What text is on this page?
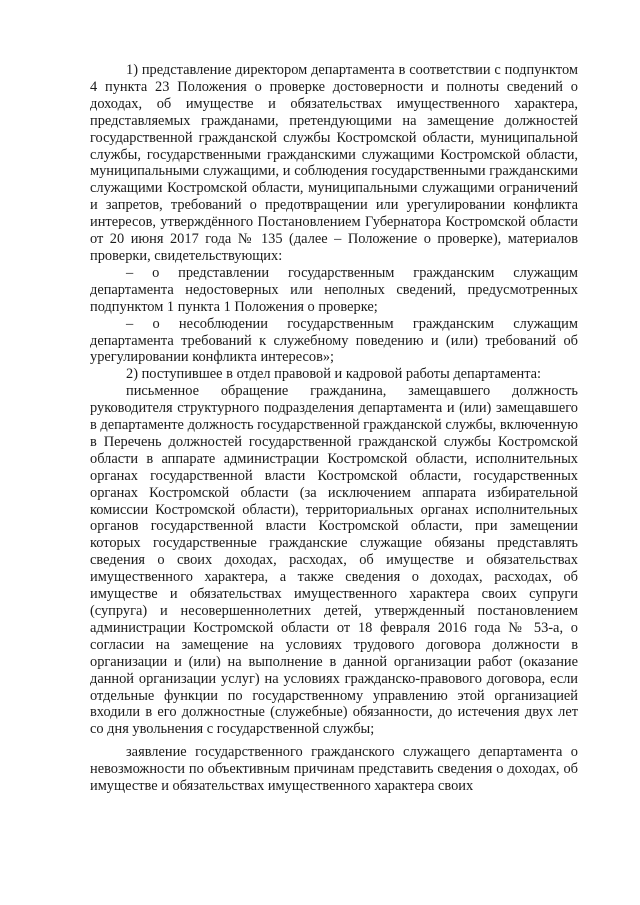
1) представление директором департамента в соответствии с подпунктом 4 пункта 23 Положения о проверке достоверности и полноты сведений о доходах, об имуществе и обязательствах имущественного характера, представляемых гражданами, претендующими на замещение должностей государственной гражданской службы Костромской области, муниципальной службы, государственными гражданскими служащими Костромской области, муниципальными служащими, и соблюдения государственными гражданскими служащими Костромской области, муниципальными служащими ограничений и запретов, требований о предотвращении или урегулировании конфликта интересов, утверждённого Постановлением Губернатора Костромской области от 20 июня 2017 года № 135 (далее – Положение о проверке), материалов проверки, свидетельствующих:

– о представлении государственным гражданским служащим департамента недостоверных или неполных сведений, предусмотренных подпунктом 1 пункта 1 Положения о проверке;

– о несоблюдении государственным гражданским служащим департамента требований к служебному поведению и (или) требований об урегулировании конфликта интересов»;

2) поступившее в отдел правовой и кадровой работы департамента:

письменное обращение гражданина, замещавшего должность руководителя структурного подразделения департамента и (или) замещавшего в департаменте должность государственной гражданской службы, включенную в Перечень должностей государственной гражданской службы Костромской области в аппарате администрации Костромской области, исполнительных органах государственной власти Костромской области, государственных органах Костромской области (за исключением аппарата избирательной комиссии Костромской области), территориальных органах исполнительных органов государственной власти Костромской области, при замещении которых государственные гражданские служащие обязаны представлять сведения о своих доходах, расходах, об имуществе и обязательствах имущественного характера, а также сведения о доходах, расходах, об имуществе и обязательствах имущественного характера своих супруги (супруга) и несовершеннолетних детей, утвержденный постановлением администрации Костромской области от 18 февраля 2016 года № 53-а, о согласии на замещение на условиях трудового договора должности в организации и (или) на выполнение в данной организации работ (оказание данной организации услуг) на условиях гражданско-правового договора, если отдельные функции по государственному управлению этой организацией входили в его должностные (служебные) обязанности, до истечения двух лет со дня увольнения с государственной службы;

заявление государственного гражданского служащего департамента о невозможности по объективным причинам представить сведения о доходах, об имуществе и обязательствах имущественного характера своих
